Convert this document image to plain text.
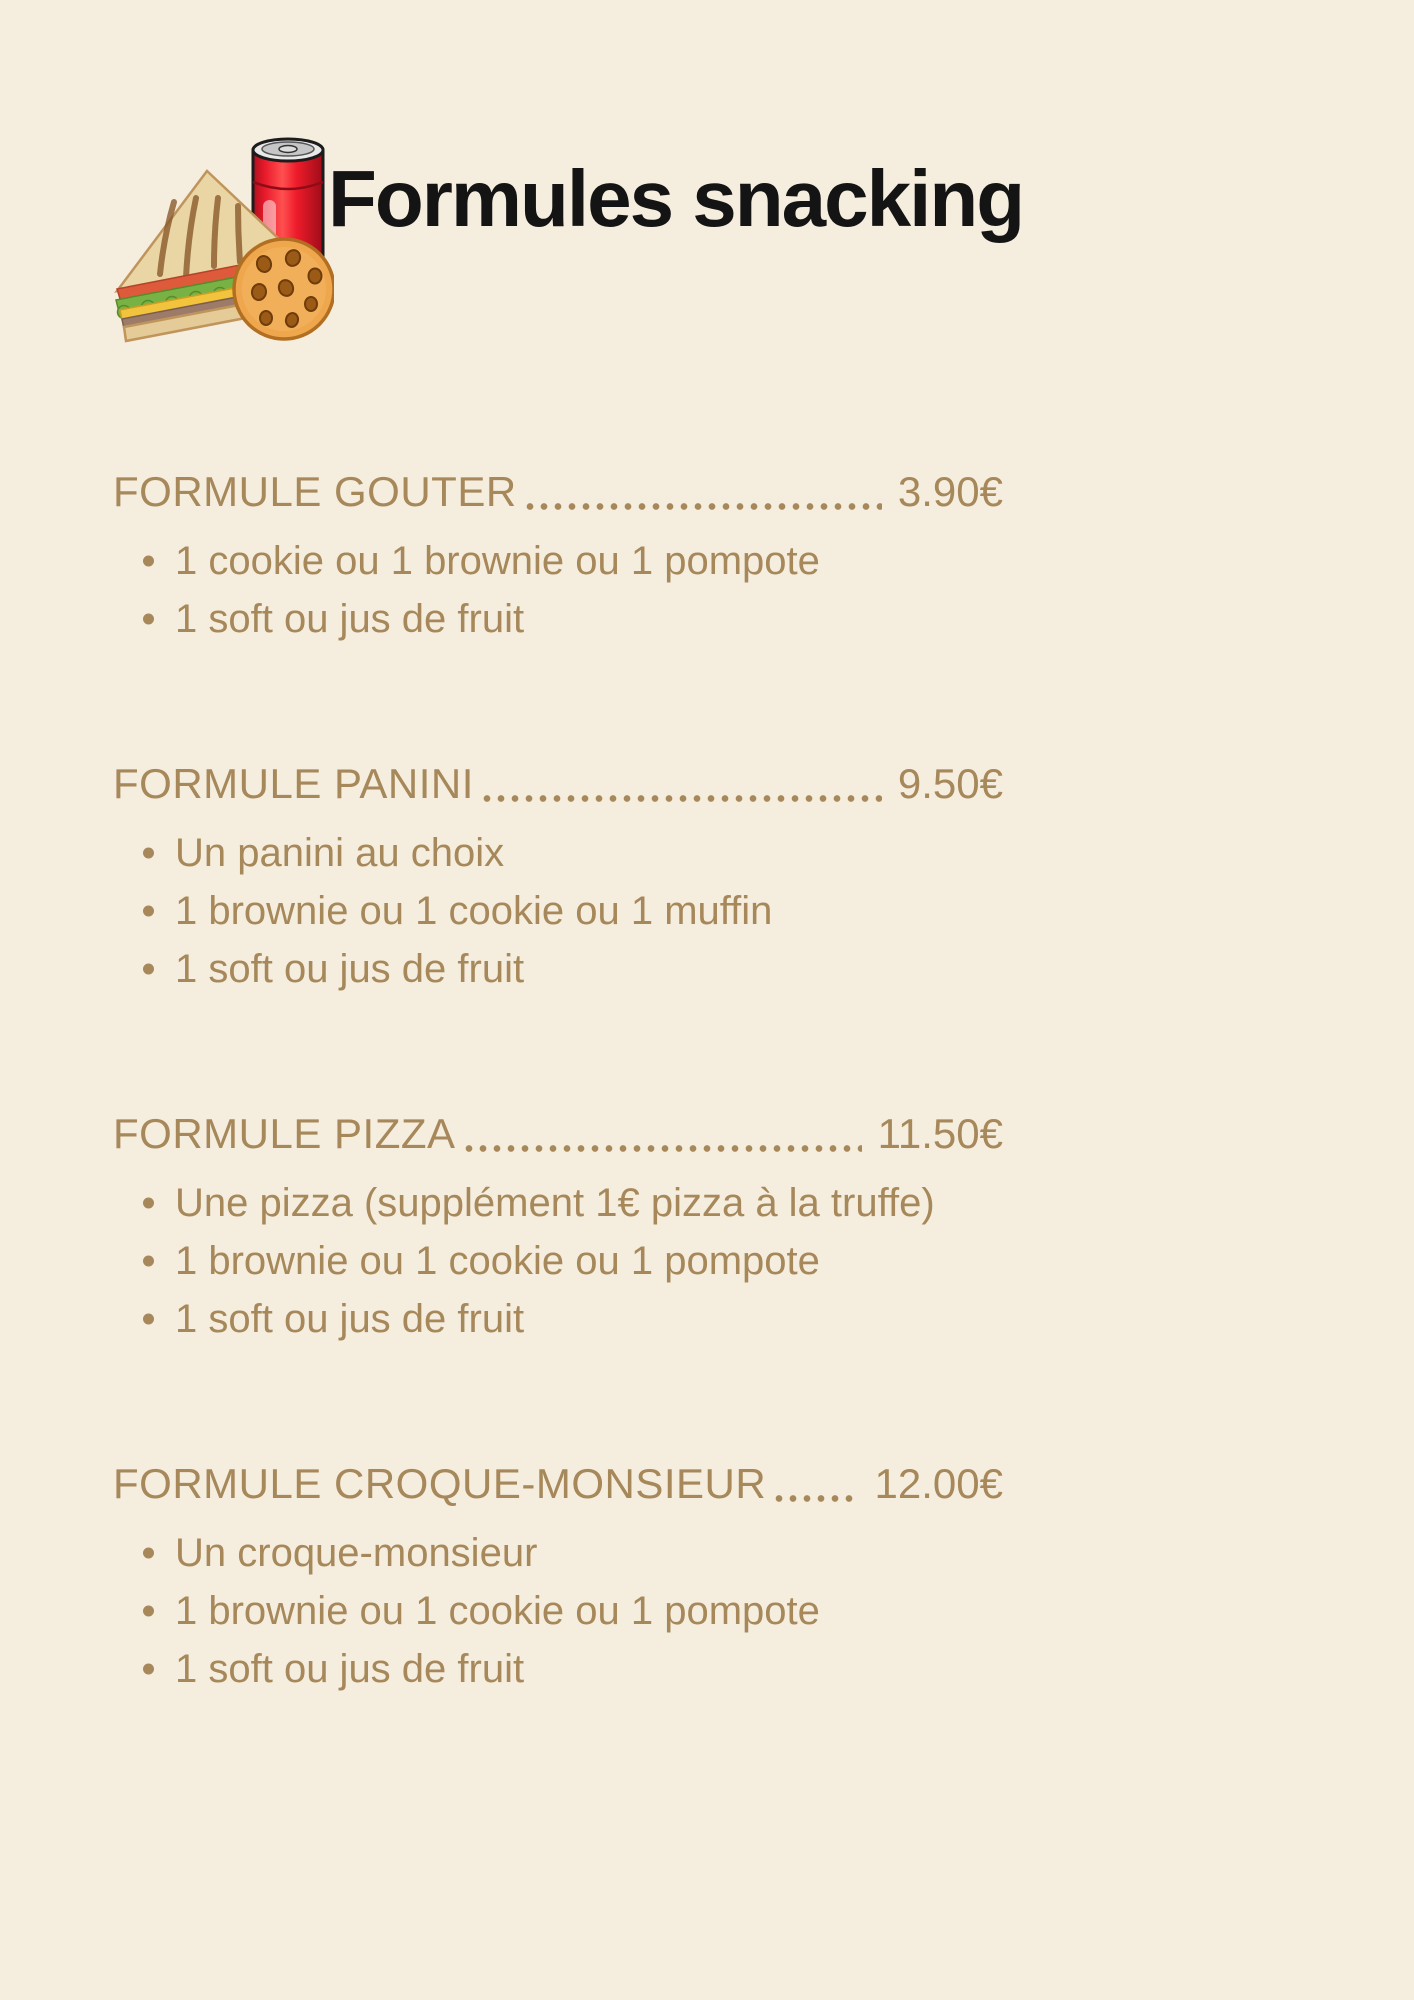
Formules snacking
FORMULE GOUTER	3.90€
1 cookie ou 1 brownie ou 1 pompote
1 soft ou jus de fruit
FORMULE PANINI	9.50€
Un panini au choix
1 brownie ou 1 cookie ou 1 muffin
1 soft ou jus de fruit
FORMULE PIZZA	11.50€
Une pizza (supplément 1€ pizza à la truffe)
1 brownie ou 1 cookie ou 1 pompote
1 soft ou jus de fruit
FORMULE CROQUE-MONSIEUR	12.00€
Un croque-monsieur
1 brownie ou 1 cookie ou 1 pompote
1 soft ou jus de fruit
